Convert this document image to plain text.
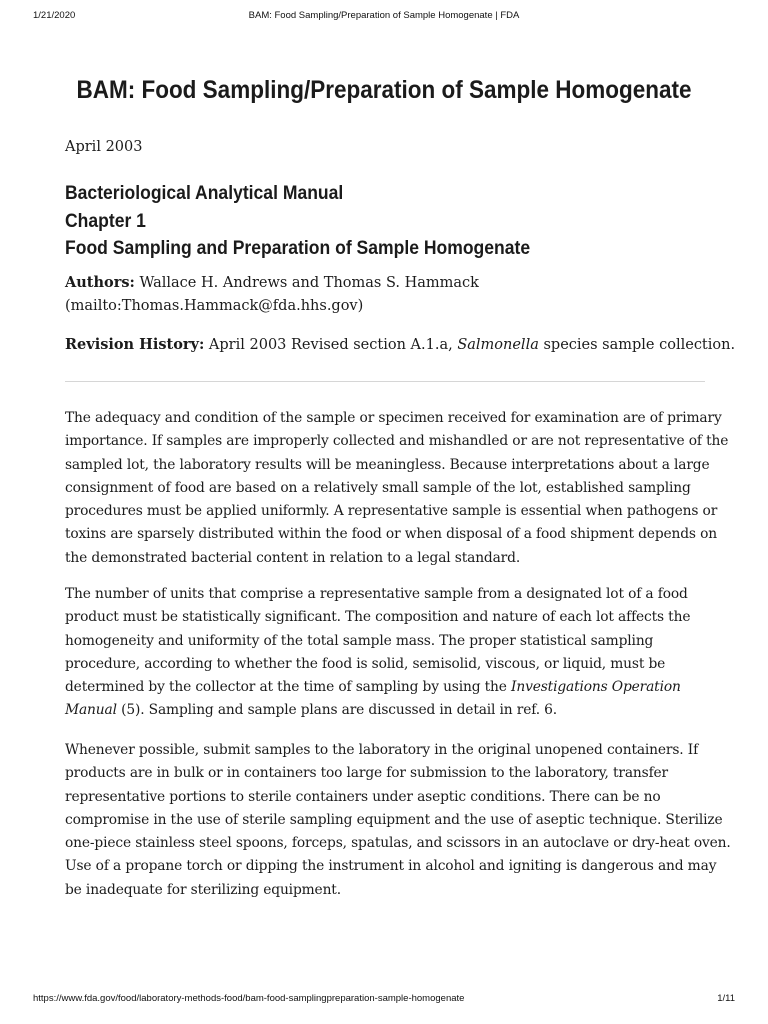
1/21/2020	BAM: Food Sampling/Preparation of Sample Homogenate | FDA
BAM: Food Sampling/Preparation of Sample Homogenate
April 2003
Bacteriological Analytical Manual
Chapter 1
Food Sampling and Preparation of Sample Homogenate
Authors: Wallace H. Andrews and Thomas S. Hammack
(mailto:Thomas.Hammack@fda.hhs.gov)
Revision History: April 2003 Revised section A.1.a, Salmonella species sample collection.
The adequacy and condition of the sample or specimen received for examination are of primary
importance. If samples are improperly collected and mishandled or are not representative of the
sampled lot, the laboratory results will be meaningless. Because interpretations about a large
consignment of food are based on a relatively small sample of the lot, established sampling
procedures must be applied uniformly. A representative sample is essential when pathogens or
toxins are sparsely distributed within the food or when disposal of a food shipment depends on
the demonstrated bacterial content in relation to a legal standard.
The number of units that comprise a representative sample from a designated lot of a food
product must be statistically significant. The composition and nature of each lot affects the
homogeneity and uniformity of the total sample mass. The proper statistical sampling
procedure, according to whether the food is solid, semisolid, viscous, or liquid, must be
determined by the collector at the time of sampling by using the Investigations Operation
Manual (5). Sampling and sample plans are discussed in detail in ref. 6.
Whenever possible, submit samples to the laboratory in the original unopened containers. If
products are in bulk or in containers too large for submission to the laboratory, transfer
representative portions to sterile containers under aseptic conditions. There can be no
compromise in the use of sterile sampling equipment and the use of aseptic technique. Sterilize
one-piece stainless steel spoons, forceps, spatulas, and scissors in an autoclave or dry-heat oven.
Use of a propane torch or dipping the instrument in alcohol and igniting is dangerous and may
be inadequate for sterilizing equipment.
https://www.fda.gov/food/laboratory-methods-food/bam-food-samplingpreparation-sample-homogenate	1/11
